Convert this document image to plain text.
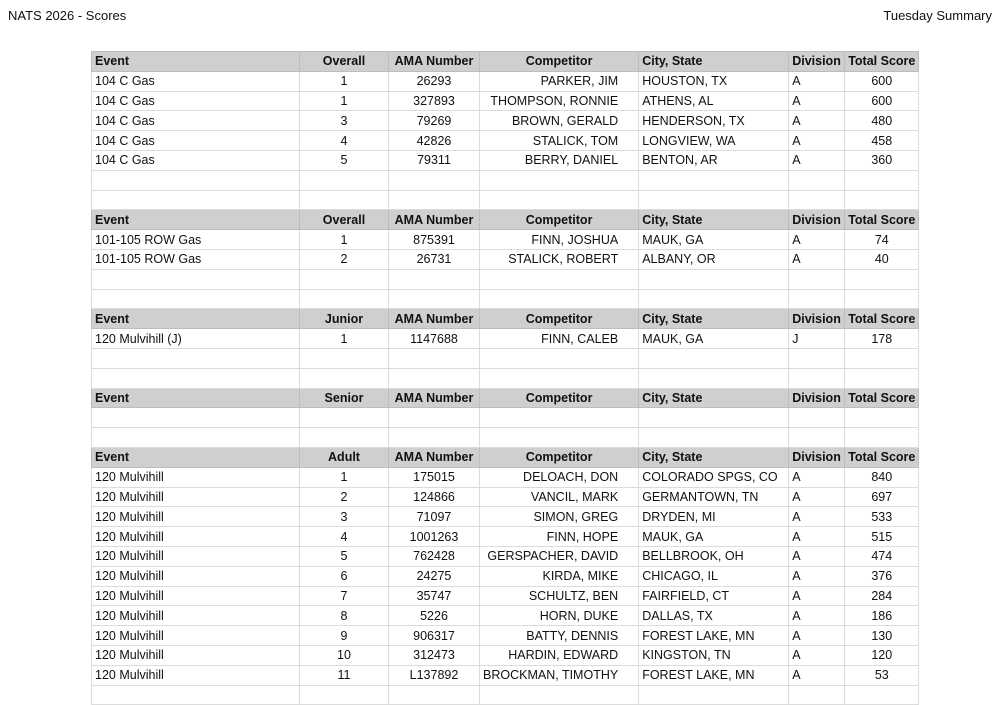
NATS 2026 - Scores	Tuesday Summary
Event	Overall	AMA Number	Competitor	City, State	Division	Total Score
104 C Gas	1	26293	PARKER, JIM	HOUSTON, TX	A	600
104 C Gas	1	327893	THOMPSON, RONNIE	ATHENS, AL	A	600
104 C Gas	3	79269	BROWN, GERALD	HENDERSON, TX	A	480
104 C Gas	4	42826	STALICK, TOM	LONGVIEW, WA	A	458
104 C Gas	5	79311	BERRY, DANIEL	BENTON, AR	A	360

Event	Overall	AMA Number	Competitor	City, State	Division	Total Score
101-105 ROW Gas	1	875391	FINN, JOSHUA	MAUK, GA	A	74
101-105 ROW Gas	2	26731	STALICK, ROBERT	ALBANY, OR	A	40

Event	Junior	AMA Number	Competitor	City, State	Division	Total Score
120 Mulvihill (J)	1	1147688	FINN, CALEB	MAUK, GA	J	178

Event	Senior	AMA Number	Competitor	City, State	Division	Total Score

Event	Adult	AMA Number	Competitor	City, State	Division	Total Score
120 Mulvihill	1	175015	DELOACH, DON	COLORADO SPGS, CO	A	840
120 Mulvihill	2	124866	VANCIL, MARK	GERMANTOWN, TN	A	697
120 Mulvihill	3	71097	SIMON, GREG	DRYDEN, MI	A	533
120 Mulvihill	4	1001263	FINN, HOPE	MAUK, GA	A	515
120 Mulvihill	5	762428	GERSPACHER, DAVID	BELLBROOK, OH	A	474
120 Mulvihill	6	24275	KIRDA, MIKE	CHICAGO, IL	A	376
120 Mulvihill	7	35747	SCHULTZ, BEN	FAIRFIELD, CT	A	284
120 Mulvihill	8	5226	HORN, DUKE	DALLAS, TX	A	186
120 Mulvihill	9	906317	BATTY, DENNIS	FOREST LAKE, MN	A	130
120 Mulvihill	10	312473	HARDIN, EDWARD	KINGSTON, TN	A	120
120 Mulvihill	11	L137892	BROCKMAN, TIMOTHY	FOREST LAKE, MN	A	53
